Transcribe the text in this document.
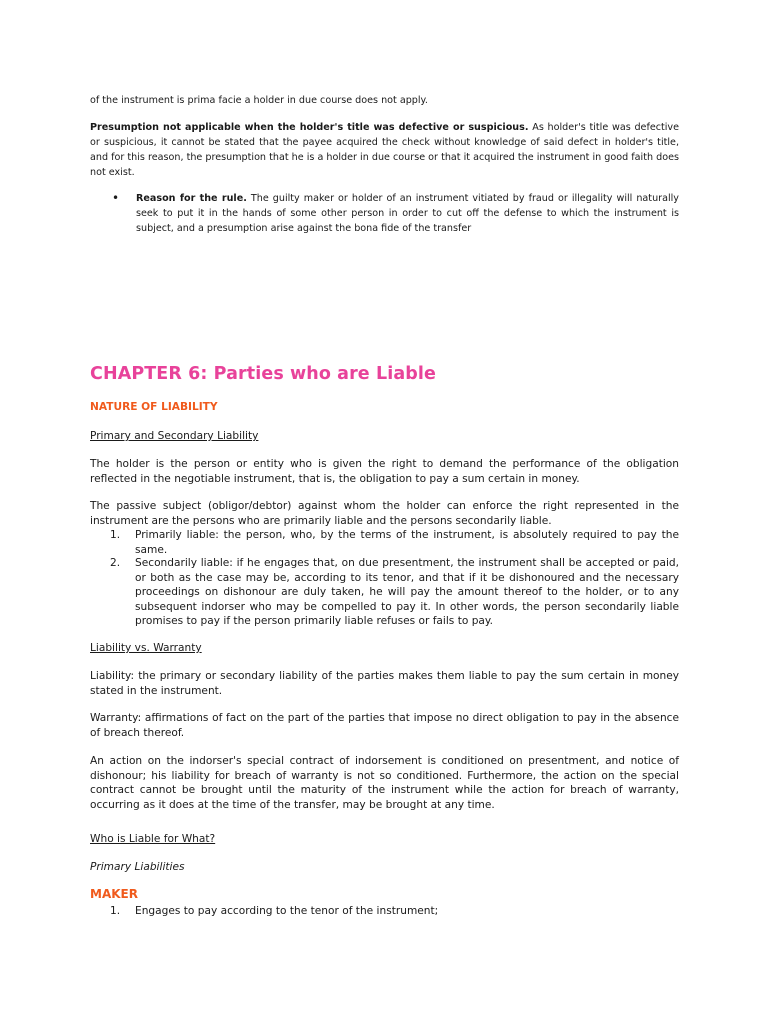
of the instrument is prima facie a holder in due course does not apply.

Presumption not applicable when the holder's title was defective or suspicious. As holder's title was defective or suspicious, it cannot be stated that the payee acquired the check without knowledge of said defect in holder's title, and for this reason, the presumption that he is a holder in due course or that it acquired the instrument in good faith does not exist.

• Reason for the rule. The guilty maker or holder of an instrument vitiated by fraud or illegality will naturally seek to put it in the hands of some other person in order to cut off the defense to which the instrument is subject, and a presumption arise against the bona fide of the transfer

CHAPTER 6: Parties who are Liable
NATURE OF LIABILITY
Primary and Secondary Liability

The holder is the person or entity who is given the right to demand the performance of the obligation reflected in the negotiable instrument, that is, the obligation to pay a sum certain in money.

The passive subject (obligor/debtor) against whom the holder can enforce the right represented in the instrument are the persons who are primarily liable and the persons secondarily liable.

1. Primarily liable: the person, who, by the terms of the instrument, is absolutely required to pay the same.

2. Secondarily liable: if he engages that, on due presentment, the instrument shall be accepted or paid, or both as the case may be, according to its tenor, and that if it be dishonoured and the necessary proceedings on dishonour are duly taken, he will pay the amount thereof to the holder, or to any subsequent indorser who may be compelled to pay it. In other words, the person secondarily liable promises to pay if the person primarily liable refuses or fails to pay.

Liability vs. Warranty

Liability: the primary or secondary liability of the parties makes them liable to pay the sum certain in money stated in the instrument.

Warranty: affirmations of fact on the part of the parties that impose no direct obligation to pay in the absence of breach thereof.

An action on the indorser's special contract of indorsement is conditioned on presentment, and notice of dishonour; his liability for breach of warranty is not so conditioned. Furthermore, the action on the special contract cannot be brought until the maturity of the instrument while the action for breach of warranty, occurring as it does at the time of the transfer, may be brought at any time.

Who is Liable for What?
Primary Liabilities
MAKER
1. Engages to pay according to the tenor of the instrument;
